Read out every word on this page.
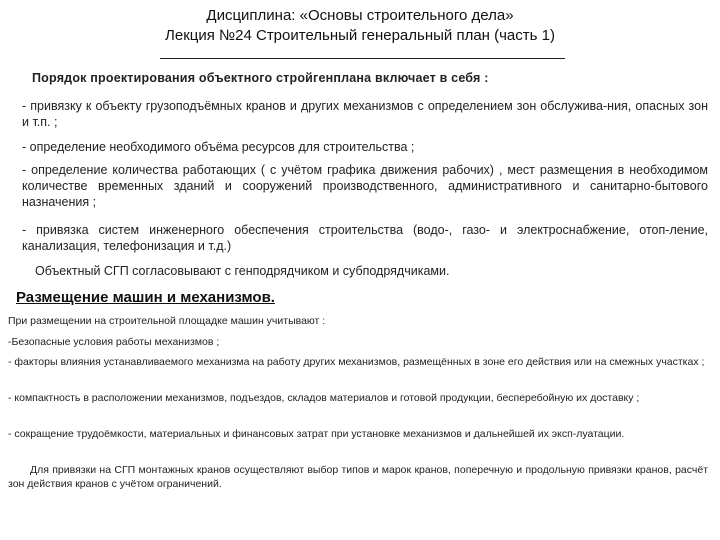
Дисциплина: «Основы строительного дела»
Лекция №24 Строительный генеральный план (часть 1)
Порядок проектирования объектного стройгенплана включает в себя :
- привязку к объекту грузоподъёмных кранов и других механизмов с определением зон обслужива-ния, опасных зон и т.п. ;
- определение необходимого объёма ресурсов для строительства ;
- определение количества работающих ( с учётом графика движения рабочих) , мест размещения в необходимом количестве временных зданий и сооружений производственного, административного и санитарно-бытового назначения ;
- привязка систем инженерного обеспечения строительства (водо-, газо- и электроснабжение, отоп-ление, канализация, телефонизация и т.д.)
Объектный СГП согласовывают с генподрядчиком и субподрядчиками.
Размещение машин и механизмов.
При размещении на строительной площадке машин учитывают :
-Безопасные условия работы механизмов ;
- факторы влияния устанавливаемого механизма на работу других механизмов, размещённых в зоне его действия или на смежных участках ;
- компактность в расположении механизмов, подъездов, складов материалов и готовой продукции, бесперебойную их доставку ;
- сокращение трудоёмкости, материальных и финансовых затрат при установке механизмов и дальнейшей их эксп-луатации.
Для привязки на СГП монтажных кранов осуществляют выбор типов и марок кранов, поперечную и продольную привязки кранов, расчёт зон действия кранов с учётом ограничений.
